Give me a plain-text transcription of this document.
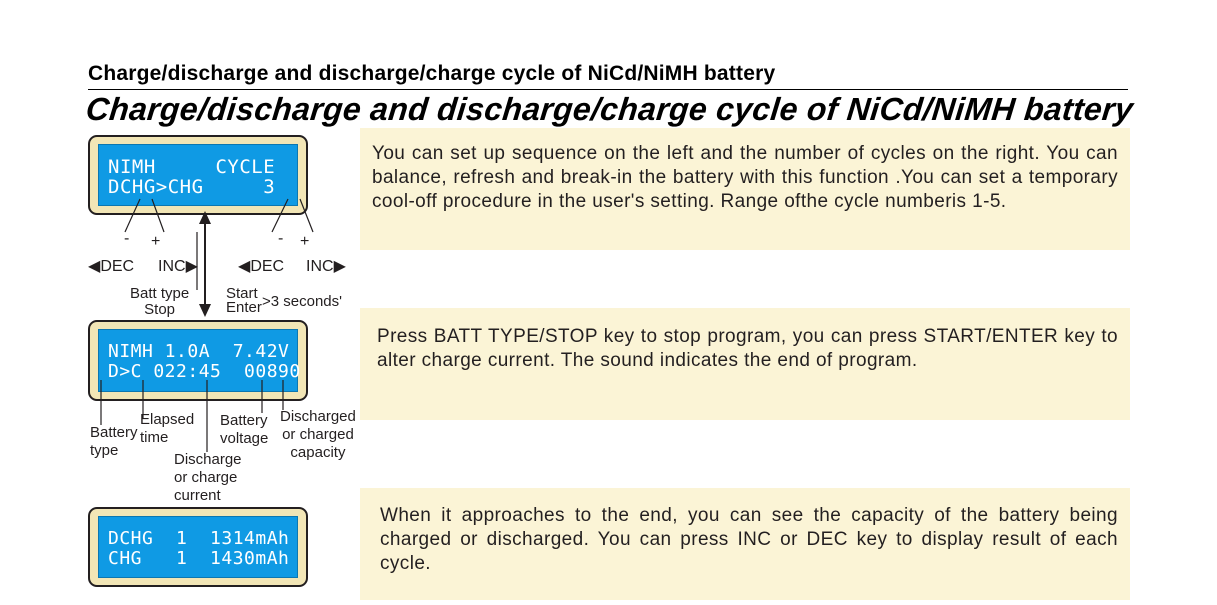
Charge/discharge and discharge/charge cycle of NiCd/NiMH battery
Charge/discharge and discharge/charge cycle of NiCd/NiMH battery
You can set up sequence on the left and the number of cycles on the right. You can balance, refresh and break-in the battery with this function .You can set a temporary cool-off procedure in the user's setting. Range ofthe cycle numberis 1-5.
Press BATT TYPE/STOP key to stop program, you can press START/ENTER key to alter charge current. The sound indicates the end of program.
When it approaches to the end, you can see the capacity of the battery being charged or discharged. You can press INC or DEC key to display result of each cycle.
NIMH     CYCLE
DCHG>CHG     3
NIMH 1.0A  7.42V
D>C 022:45  00890
DCHG  1  1314mAh
CHG   1  1430mAh
- +	- +
◀DEC INC▶	◀DEC INC▶
Batt type
Stop
Start
Enter >3 seconds'
Battery
type
Elapsed
time
Discharge
or charge
current
Battery
voltage
Discharged
or charged
capacity
